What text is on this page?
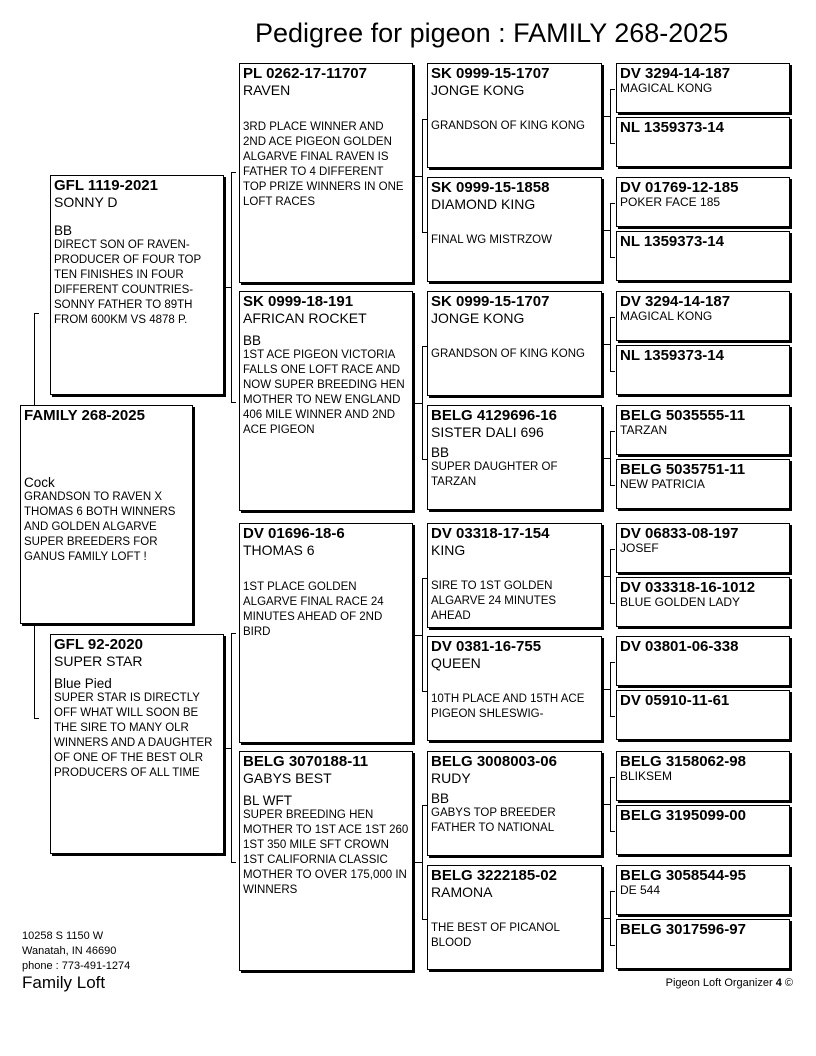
Pedigree for pigeon : FAMILY 268-2025
FAMILY 268-2025
Cock
GRANDSON TO RAVEN X THOMAS 6 BOTH WINNERS AND GOLDEN ALGARVE SUPER BREEDERS FOR GANUS FAMILY LOFT !
GFL 1119-2021
SONNY D
BB
DIRECT SON OF RAVEN- PRODUCER OF FOUR TOP TEN FINISHES IN FOUR DIFFERENT COUNTRIES- SONNY FATHER TO 89TH FROM 600KM VS 4878 P.
GFL 92-2020
SUPER STAR
Blue Pied
SUPER STAR IS DIRECTLY OFF WHAT WILL SOON BE THE SIRE TO MANY OLR WINNERS AND A DAUGHTER OF ONE OF THE BEST OLR PRODUCERS OF ALL TIME
PL 0262-17-11707
RAVEN
3RD PLACE WINNER AND 2ND ACE PIGEON GOLDEN ALGARVE FINAL RAVEN IS FATHER TO 4 DIFFERENT TOP PRIZE WINNERS IN ONE LOFT RACES
SK 0999-18-191
AFRICAN ROCKET
BB
1ST ACE PIGEON VICTORIA FALLS ONE LOFT RACE AND NOW SUPER BREEDING HEN MOTHER TO NEW ENGLAND 406 MILE WINNER AND 2ND ACE PIGEON
DV 01696-18-6
THOMAS 6
1ST PLACE GOLDEN ALGARVE FINAL RACE 24 MINUTES AHEAD OF 2ND BIRD
BELG 3070188-11
GABYS BEST
BL WFT
SUPER BREEDING HEN MOTHER TO 1ST ACE 1ST 260 1ST 350 MILE SFT CROWN 1ST CALIFORNIA CLASSIC MOTHER TO OVER 175,000 IN WINNERS
SK 0999-15-1707
JONGE KONG
GRANDSON OF KING KONG
SK 0999-15-1858
DIAMOND KING
FINAL WG MISTRZOW
SK 0999-15-1707
JONGE KONG
GRANDSON OF KING KONG
BELG 4129696-16
SISTER DALI 696
BB
SUPER DAUGHTER OF TARZAN
DV 03318-17-154
KING
SIRE TO 1ST GOLDEN ALGARVE 24 MINUTES AHEAD
DV 0381-16-755
QUEEN
10TH PLACE AND 15TH ACE PIGEON SHLESWIG-
BELG 3008003-06
RUDY
BB
GABYS TOP BREEDER FATHER TO NATIONAL
BELG 3222185-02
RAMONA
THE BEST OF PICANOL BLOOD
DV 3294-14-187
MAGICAL KONG
NL 1359373-14
DV 01769-12-185
POKER FACE 185
NL 1359373-14
DV 3294-14-187
MAGICAL KONG
NL 1359373-14
BELG 5035555-11
TARZAN
BELG 5035751-11
NEW PATRICIA
DV 06833-08-197
JOSEF
DV 033318-16-1012
BLUE GOLDEN LADY
DV 03801-06-338
DV 05910-11-61
BELG 3158062-98
BLIKSEM
BELG 3195099-00
BELG 3058544-95
DE 544
BELG 3017596-97
10258 S 1150 W
Wanatah, IN 46690
phone : 773-491-1274
Family Loft	Pigeon Loft Organizer 4 ©
